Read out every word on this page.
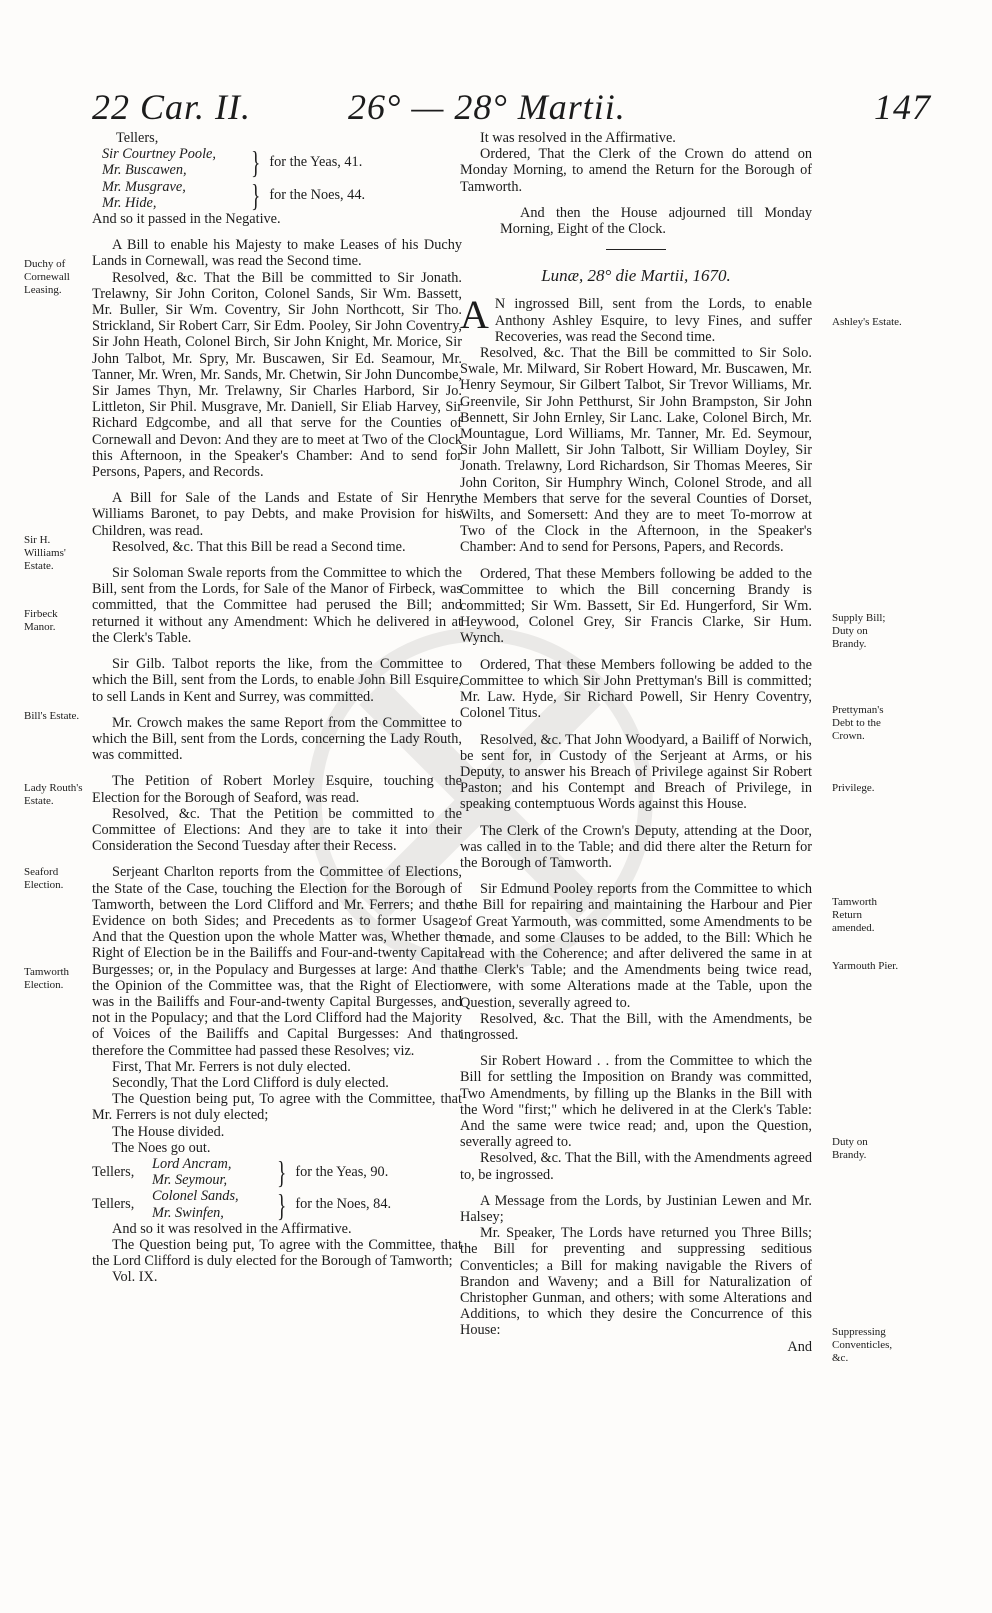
22 Car. II.	26° — 28° Martii.	147

Tellers,

Sir Courtney Poole,
Mr. Buscawen,	} for the Yeas, 41.
Mr. Musgrave,
Mr. Hide,	} for the Noes, 44.

And so it passed in the Negative.

A Bill to enable his Majesty to make Leases of his Duchy Lands in Cornewall, was read the Second time.

Resolved, &c. That the Bill be committed to Sir Jonath. Trelawny, Sir John Coriton, Colonel Sands, Sir Wm. Bassett, Mr. Buller, Sir Wm. Coventry, Sir John Northcott, Sir Tho. Strickland, Sir Robert Carr, Sir Edm. Pooley, Sir John Coventry, Sir John Heath, Colonel Birch, Sir John Knight, Mr. Morice, Sir John Talbot, Mr. Spry, Mr. Buscawen, Sir Ed. Seamour, Mr. Tanner, Mr. Wren, Mr. Sands, Mr. Chetwin, Sir John Duncombe, Sir James Thyn, Mr. Trelawny, Sir Charles Harbord, Sir Jo. Littleton, Sir Phil. Musgrave, Mr. Daniell, Sir Eliab Harvey, Sir Richard Edgcombe, and all that serve for the Counties of Cornewall and Devon: And they are to meet at Two of the Clock this Afternoon, in the Speaker's Chamber: And to send for Persons, Papers, and Records.

A Bill for Sale of the Lands and Estate of Sir Henry Williams Baronet, to pay Debts, and make Provision for his Children, was read.

Resolved, &c. That this Bill be read a Second time.

Sir Soloman Swale reports from the Committee to which the Bill, sent from the Lords, for Sale of the Manor of Firbeck, was committed, that the Committee had perused the Bill; and returned it without any Amendment: Which he delivered in at the Clerk's Table.

Sir Gilb. Talbot reports the like, from the Committee to which the Bill, sent from the Lords, to enable John Bill Esquire, to sell Lands in Kent and Surrey, was committed.

Mr. Crowch makes the same Report from the Committee to which the Bill, sent from the Lords, concerning the Lady Routh, was committed.

The Petition of Robert Morley Esquire, touching the Election for the Borough of Seaford, was read.

Resolved, &c. That the Petition be committed to the Committee of Elections: And they are to take it into their Consideration the Second Tuesday after their Recess.

Serjeant Charlton reports from the Committee of Elections, the State of the Case, touching the Election for the Borough of Tamworth, between the Lord Clifford and Mr. Ferrers; and the Evidence on both Sides; and Precedents as to former Usage: And that the Question upon the whole Matter was, Whether the Right of Election be in the Bailiffs and Four-and-twenty Capital Burgesses; or, in the Populacy and Burgesses at large: And that the Opinion of the Committee was, that the Right of Election was in the Bailiffs and Four-and-twenty Capital Burgesses, and not in the Populacy; and that the Lord Clifford had the Majority of Voices of the Bailiffs and Capital Burgesses: And that therefore the Committee had passed these Resolves; viz.

First, That Mr. Ferrers is not duly elected.

Secondly, That the Lord Clifford is duly elected.

The Question being put, To agree with the Committee, that Mr. Ferrers is not duly elected;

The House divided.

The Noes go out.

Tellers,
Lord Ancram,
Mr. Seymour,	} for the Yeas, 90.
Tellers,
Colonel Sands,
Mr. Swinfen,	} for the Noes, 84.

And so it was resolved in the Affirmative.

The Question being put, To agree with the Committee, that the Lord Clifford is duly elected for the Borough of Tamworth;

Vol. IX.

It was resolved in the Affirmative.

Ordered, That the Clerk of the Crown do attend on Monday Morning, to amend the Return for the Borough of Tamworth.

And then the House adjourned till Monday Morning, Eight of the Clock.

Lunæ, 28° die Martii, 1670.

A N ingrossed Bill, sent from the Lords, to enable Anthony Ashley Esquire, to levy Fines, and suffer Recoveries, was read the Second time.

Resolved, &c. That the Bill be committed to Sir Solo. Swale, Mr. Milward, Sir Robert Howard, Mr. Buscawen, Mr. Henry Seymour, Sir Gilbert Talbot, Sir Trevor Williams, Mr. Greenvile, Sir John Petthurst, Sir John Brampston, Sir John Bennett, Sir John Ernley, Sir Lanc. Lake, Colonel Birch, Mr. Mountague, Lord Williams, Mr. Tanner, Mr. Ed. Seymour, Sir John Mallett, Sir John Talbott, Sir William Doyley, Sir Jonath. Trelawny, Lord Richardson, Sir Thomas Meeres, Sir John Coriton, Sir Humphry Winch, Colonel Strode, and all the Members that serve for the several Counties of Dorset, Wilts, and Somersett: And they are to meet To-morrow at Two of the Clock in the Afternoon, in the Speaker's Chamber: And to send for Persons, Papers, and Records.

Ordered, That these Members following be added to the Committee to which the Bill concerning Brandy is committed; Sir Wm. Bassett, Sir Ed. Hungerford, Sir Wm. Heywood, Colonel Grey, Sir Francis Clarke, Sir Hum. Wynch.

Ordered, That these Members following be added to the Committee to which Sir John Prettyman's Bill is committed; Mr. Law. Hyde, Sir Richard Powell, Sir Henry Coventry, Colonel Titus.

Resolved, &c. That John Woodyard, a Bailiff of Norwich, be sent for, in Custody of the Serjeant at Arms, or his Deputy, to answer his Breach of Privilege against Sir Robert Paston; and his Contempt and Breach of Privilege, in speaking contemptuous Words against this House.

The Clerk of the Crown's Deputy, attending at the Door, was called in to the Table; and did there alter the Return for the Borough of Tamworth.

Sir Edmund Pooley reports from the Committee to which the Bill for repairing and maintaining the Harbour and Pier of Great Yarmouth, was committed, some Amendments to be made, and some Clauses to be added, to the Bill: Which he read with the Coherence; and after delivered the same in at the Clerk's Table; and the Amendments being twice read, were, with some Alterations made at the Table, upon the Question, severally agreed to.

Resolved, &c. That the Bill, with the Amendments, be ingrossed.

Sir Robert Howard . . from the Committee to which the Bill for settling the Imposition on Brandy was committed, Two Amendments, by filling up the Blanks in the Bill with the Word "first;" which he delivered in at the Clerk's Table: And the same were twice read; and, upon the Question, severally agreed to.

Resolved, &c. That the Bill, with the Amendments agreed to, be ingrossed.

A Message from the Lords, by Justinian Lewen and Mr. Halsey;

Mr. Speaker, The Lords have returned you Three Bills; the Bill for preventing and suppressing seditious Conventicles; a Bill for making navigable the Rivers of Brandon and Waveny; and a Bill for Naturalization of Christopher Gunman, and others; with some Alterations and Additions, to which they desire the Concurrence of this House:

And

Duchy of Cornewall Leasing.
Sir H. Williams' Estate.
Firbeck Manor.
Bill's Estate.
Lady Routh's Estate.
Seaford Election.
Tamworth Election.
Ashley's Estate.
Supply Bill; Duty on Brandy.
Prettyman's Debt to the Crown.
Privilege.
Tamworth Return amended.
Yarmouth Pier.
Duty on Brandy.
Suppressing Conventicles, &c.
